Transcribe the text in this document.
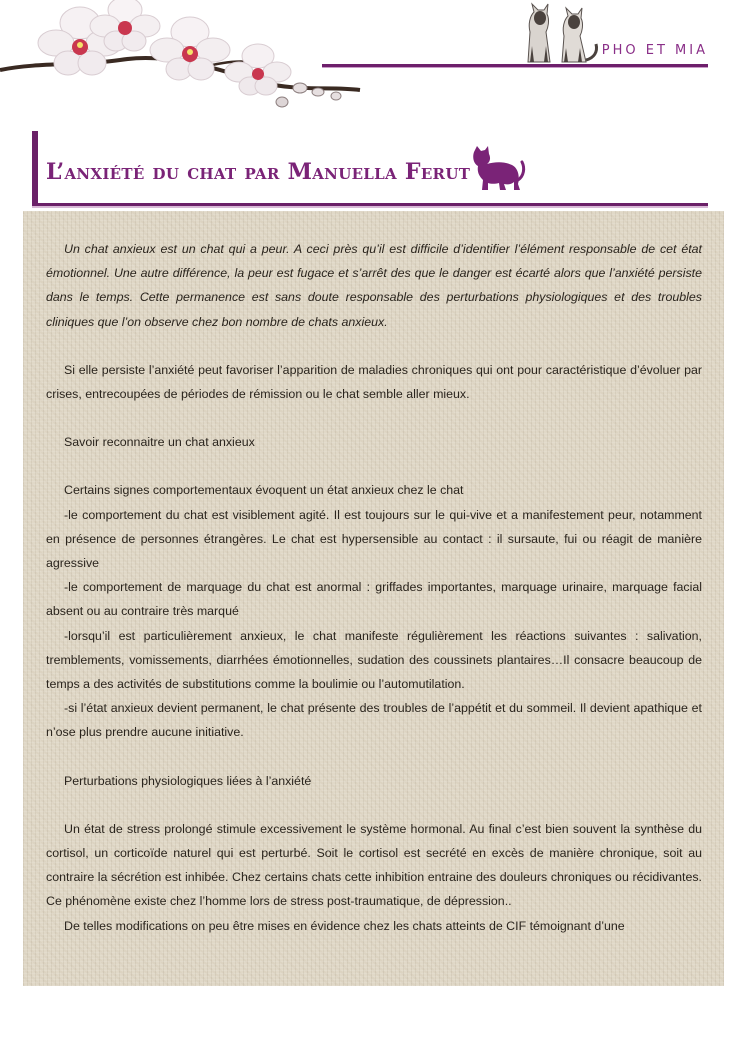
PHO ET MIA
L’anxiété du chat par Manuella Ferut

Un chat anxieux est un chat qui a peur. A ceci près qu’il est difficile d’identifier l’élément responsable de cet état émotionnel. Une autre différence, la peur est fugace et s’arrêt des que le danger est écarté alors que l’anxiété persiste dans le temps. Cette permanence est sans doute responsable des perturbations physiologiques et des troubles cliniques que l’on observe chez bon nombre de chats anxieux.

Si elle persiste l’anxiété peut favoriser l’apparition de maladies chroniques qui ont pour caractéristique d’évoluer par crises, entrecoupées de périodes de rémission ou le chat semble aller mieux.

Savoir reconnaitre un chat anxieux

Certains signes comportementaux évoquent un état anxieux chez le chat

-le comportement du chat est visiblement agité. Il est toujours sur le qui-vive et a manifestement peur, notamment en présence de personnes étrangères. Le chat est hypersensible au contact : il sursaute, fui ou réagit de manière agressive

-le comportement de marquage du chat est anormal : griffades importantes, marquage urinaire, marquage facial absent ou au contraire très marqué

-lorsqu’il est particulièrement anxieux, le chat manifeste régulièrement les réactions suivantes : salivation, tremblements, vomissements, diarrhées émotionnelles, sudation des coussinets plantaires…Il consacre beaucoup de temps a des activités de substitutions comme la boulimie ou l’automutilation.

-si l’état anxieux devient permanent, le chat présente des troubles de l’appétit et du sommeil. Il devient apathique et n’ose plus prendre aucune initiative.

Perturbations physiologiques liées à l’anxiété

Un état de stress prolongé stimule excessivement le système hormonal. Au final c’est bien souvent la synthèse du cortisol, un corticoïde naturel qui est perturbé. Soit le cortisol est secrété en excès de manière chronique, soit au contraire la sécrétion est inhibée. Chez certains chats cette inhibition entraine des douleurs chroniques ou récidivantes. Ce phénomène existe chez l’homme lors de stress post-traumatique, de dépression..

De telles modifications on peu être mises en évidence chez les chats atteints de CIF témoignant d’une
